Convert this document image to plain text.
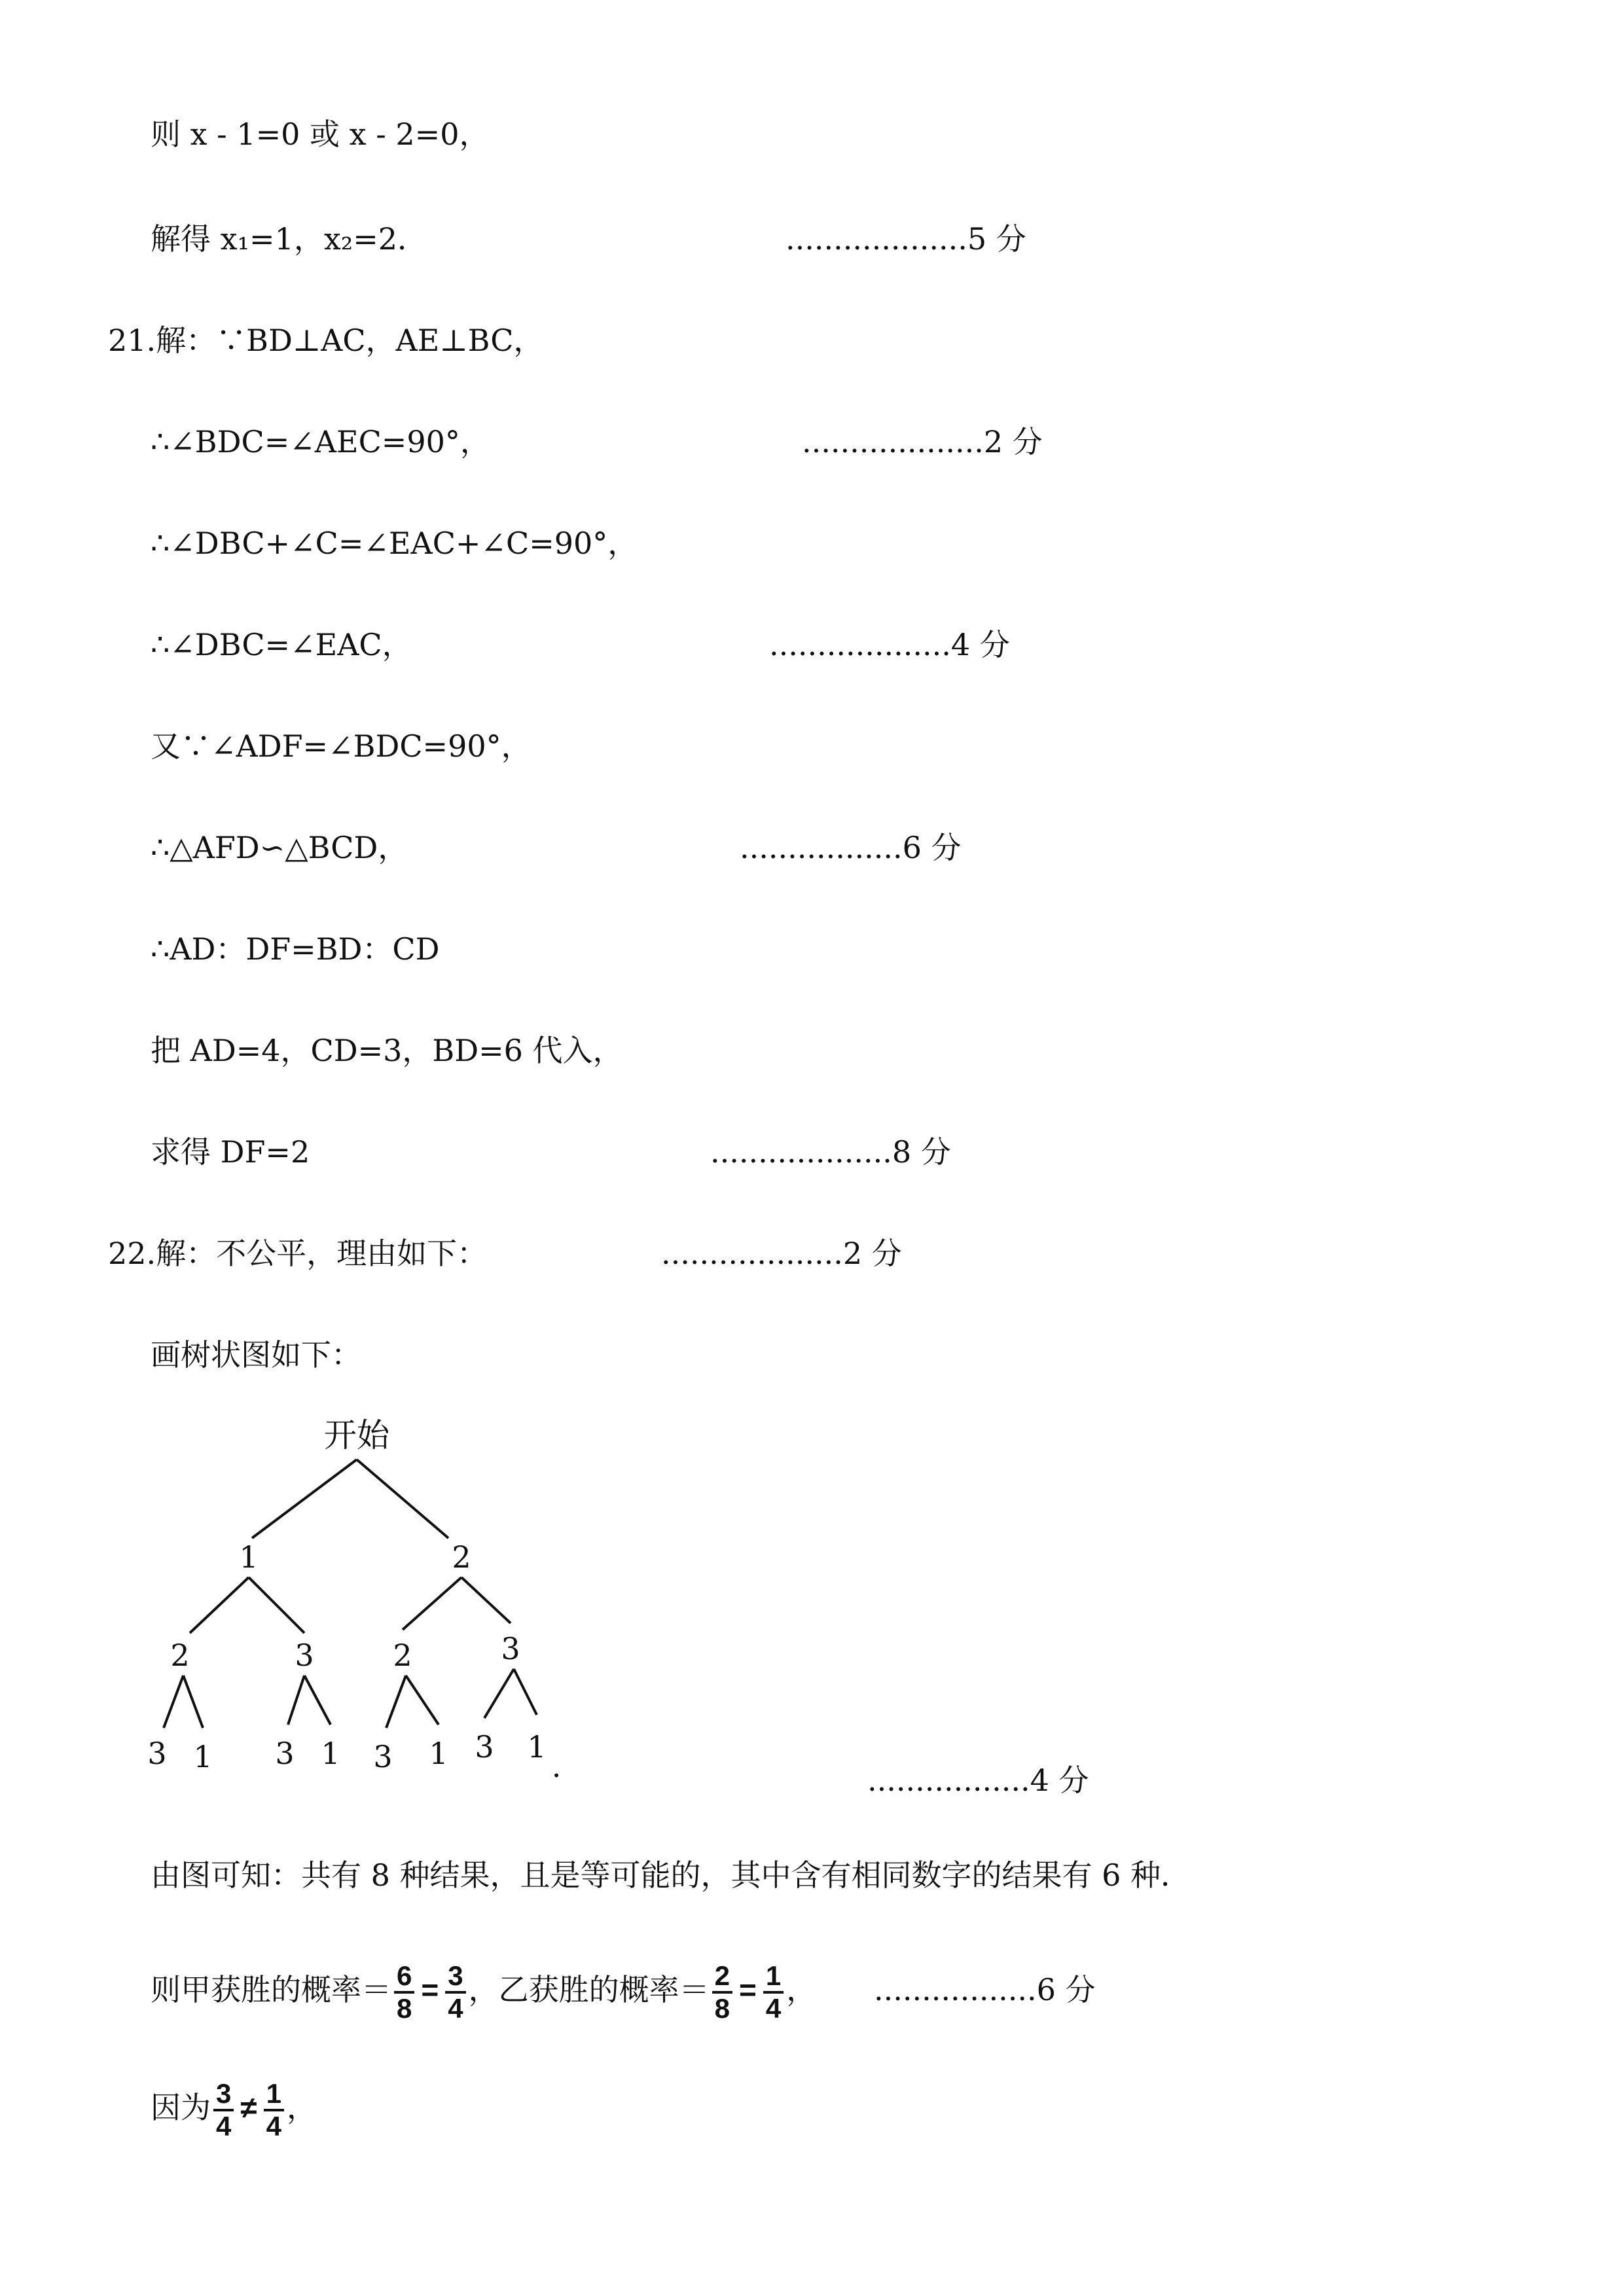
则 x - 1=0 或 x - 2=0，
解得 x₁=1，x₂=2．	...................5 分
21.解：∵BD⊥AC，AE⊥BC，
∴∠BDC=∠AEC=90°，	...................2 分
∴∠DBC+∠C=∠EAC+∠C=90°，
∴∠DBC=∠EAC，	...................4 分
又∵∠ADF=∠BDC=90°，
∴△AFD∽△BCD，	.................6 分
∴AD：DF=BD：CD
把 AD=4，CD=3，BD=6 代入，
求得 DF=2	...................8 分
22.解：不公平，理由如下：	...................2 分
画树状图如下：
开始
1	2
2	3	2	3
3 1 3 1 3 1 3 1
.	.................4 分
由图可知：共有 8 种结果，且是等可能的，其中含有相同数字的结果有 6 种．
则甲获胜的概率＝ $\frac{6}{8} = \frac{3}{4}$ ，乙获胜的概率＝ $\frac{2}{8} = \frac{1}{4}$ ， .................6 分
因为 $\frac{3}{4} \ne \frac{1}{4}$ ，
